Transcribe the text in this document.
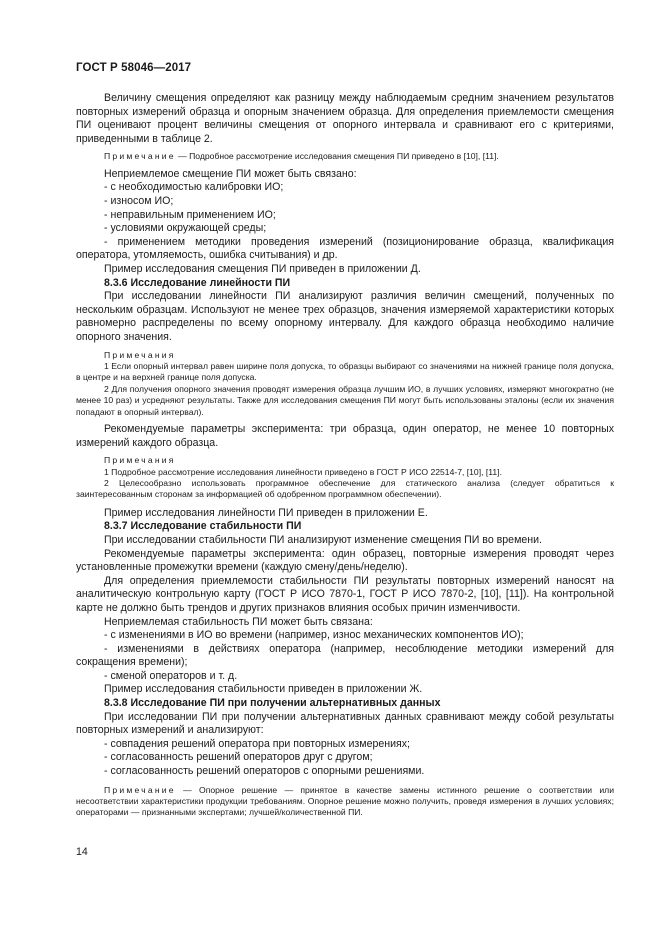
ГОСТ Р 58046—2017

Величину смещения определяют как разницу между наблюдаемым средним значением результатов повторных измерений образца и опорным значением образца. Для определения приемлемости смещения ПИ оценивают процент величины смещения от опорного интервала и сравнивают его с критериями, приведенными в таблице 2.

Примечание — Подробное рассмотрение исследования смещения ПИ приведено в [10], [11].

Неприемлемое смещение ПИ может быть связано:

- с необходимостью калибровки ИО;

- износом ИО;

- неправильным применением ИО;

- условиями окружающей среды;

- применением методики проведения измерений (позиционирование образца, квалификация оператора, утомляемость, ошибка считывания) и др.

Пример исследования смещения ПИ приведен в приложении Д.

8.3.6 Исследование линейности ПИ

При исследовании линейности ПИ анализируют различия величин смещений, полученных по нескольким образцам. Используют не менее трех образцов, значения измеряемой характеристики которых равномерно распределены по всему опорному интервалу. Для каждого образца необходимо наличие опорного значения.

Примечания

1 Если опорный интервал равен ширине поля допуска, то образцы выбирают со значениями на нижней границе поля допуска, в центре и на верхней границе поля допуска.

2 Для получения опорного значения проводят измерения образца лучшим ИО, в лучших условиях, измеряют многократно (не менее 10 раз) и усредняют результаты. Также для исследования смещения ПИ могут быть использованы эталоны (если их значения попадают в опорный интервал).

Рекомендуемые параметры эксперимента: три образца, один оператор, не менее 10 повторных измерений каждого образца.

Примечания

1 Подробное рассмотрение исследования линейности приведено в ГОСТ Р ИСО 22514-7, [10], [11].

2 Целесообразно использовать программное обеспечение для статического анализа (следует обратиться к заинтересованным сторонам за информацией об одобренном программном обеспечении).

Пример исследования линейности ПИ приведен в приложении Е.

8.3.7 Исследование стабильности ПИ

При исследовании стабильности ПИ анализируют изменение смещения ПИ во времени.

Рекомендуемые параметры эксперимента: один образец, повторные измерения проводят через установленные промежутки времени (каждую смену/день/неделю).

Для определения приемлемости стабильности ПИ результаты повторных измерений наносят на аналитическую контрольную карту (ГОСТ Р ИСО 7870-1, ГОСТ Р ИСО 7870-2, [10], [11]). На контрольной карте не должно быть трендов и других признаков влияния особых причин изменчивости.

Неприемлемая стабильность ПИ может быть связана:

- с изменениями в ИО во времени (например, износ механических компонентов ИО);

- изменениями в действиях оператора (например, несоблюдение методики измерений для сокращения времени);

- сменой операторов и т. д.

Пример исследования стабильности приведен в приложении Ж.

8.3.8 Исследование ПИ при получении альтернативных данных

При исследовании ПИ при получении альтернативных данных сравнивают между собой результаты повторных измерений и анализируют:

- совпадения решений оператора при повторных измерениях;

- согласованность решений операторов друг с другом;

- согласованность решений операторов с опорными решениями.

Примечание — Опорное решение — принятое в качестве замены истинного решение о соответствии или несоответствии характеристики продукции требованиям. Опорное решение можно получить, проведя измерения в лучших условиях; операторами — признанными экспертами; лучшей/количественной ПИ.

14
